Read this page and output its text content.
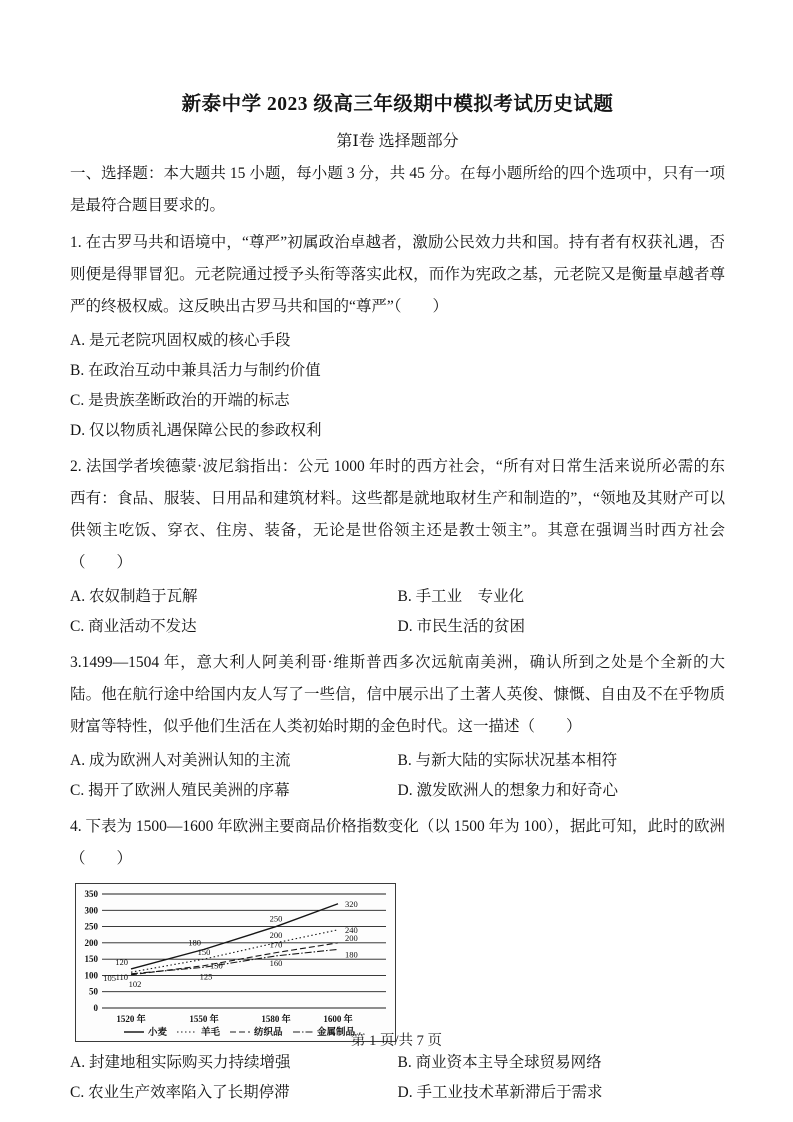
新泰中学 2023 级高三年级期中模拟考试历史试题
第Ⅰ卷 选择题部分
一、选择题：本大题共 15 小题，每小题 3 分，共 45 分。在每小题所给的四个选项中，只有一项是最符合题目要求的。
1. 在古罗马共和语境中，“尊严”初属政治卓越者，激励公民效力共和国。持有者有权获礼遇，否则便是得罪冒犯。元老院通过授予头衔等落实此权，而作为宪政之基，元老院又是衡量卓越者尊严的终极权威。这反映出古罗马共和国的“尊严”（　　）
A. 是元老院巩固权威的核心手段
B. 在政治互动中兼具活力与制约价值
C. 是贵族垄断政治的开端的标志
D. 仅以物质礼遇保障公民的参政权利
2. 法国学者埃德蒙·波尼翁指出：公元 1000 年时的西方社会，“所有对日常生活来说所必需的东西有：食品、服装、日用品和建筑材料。这些都是就地取材生产和制造的”，“领地及其财产可以供领主吃饭、穿衣、住房、装备，无论是世俗领主还是教士领主”。其意在强调当时西方社会（　　）
A. 农奴制趋于瓦解	B. 手工业　专业化
C. 商业活动不发达	D. 市民生活的贫困
3.1499—1504 年，意大利人阿美利哥·维斯普西多次远航南美洲，确认所到之处是个全新的大陆。他在航行途中给国内友人写了一些信，信中展示出了土著人英俊、慷慨、自由及不在乎物质财富等特性，似乎他们生活在人类初始时期的金色时代。这一描述（　　）
A. 成为欧洲人对美洲认知的主流	B. 与新大陆的实际状况基本相符
C. 揭开了欧洲人殖民美洲的序幕	D. 激发欧洲人的想象力和好奇心
4. 下表为 1500—1600 年欧洲主要商品价格指数变化（以 1500 年为 100），据此可知，此时的欧洲（　　）
0
50
100
150
200
250
300
350
1520 年	1550 年	1580 年	1600 年
120
180
250
320
110
150
200
240
102
130
170
200
105	125
160
180
小麦	羊毛	纺织品	金属制品
A. 封建地租实际购买力持续增强	B. 商业资本主导全球贸易网络
C. 农业生产效率陷入了长期停滞	D. 手工业技术革新滞后于需求
第 1 页/共 7 页
